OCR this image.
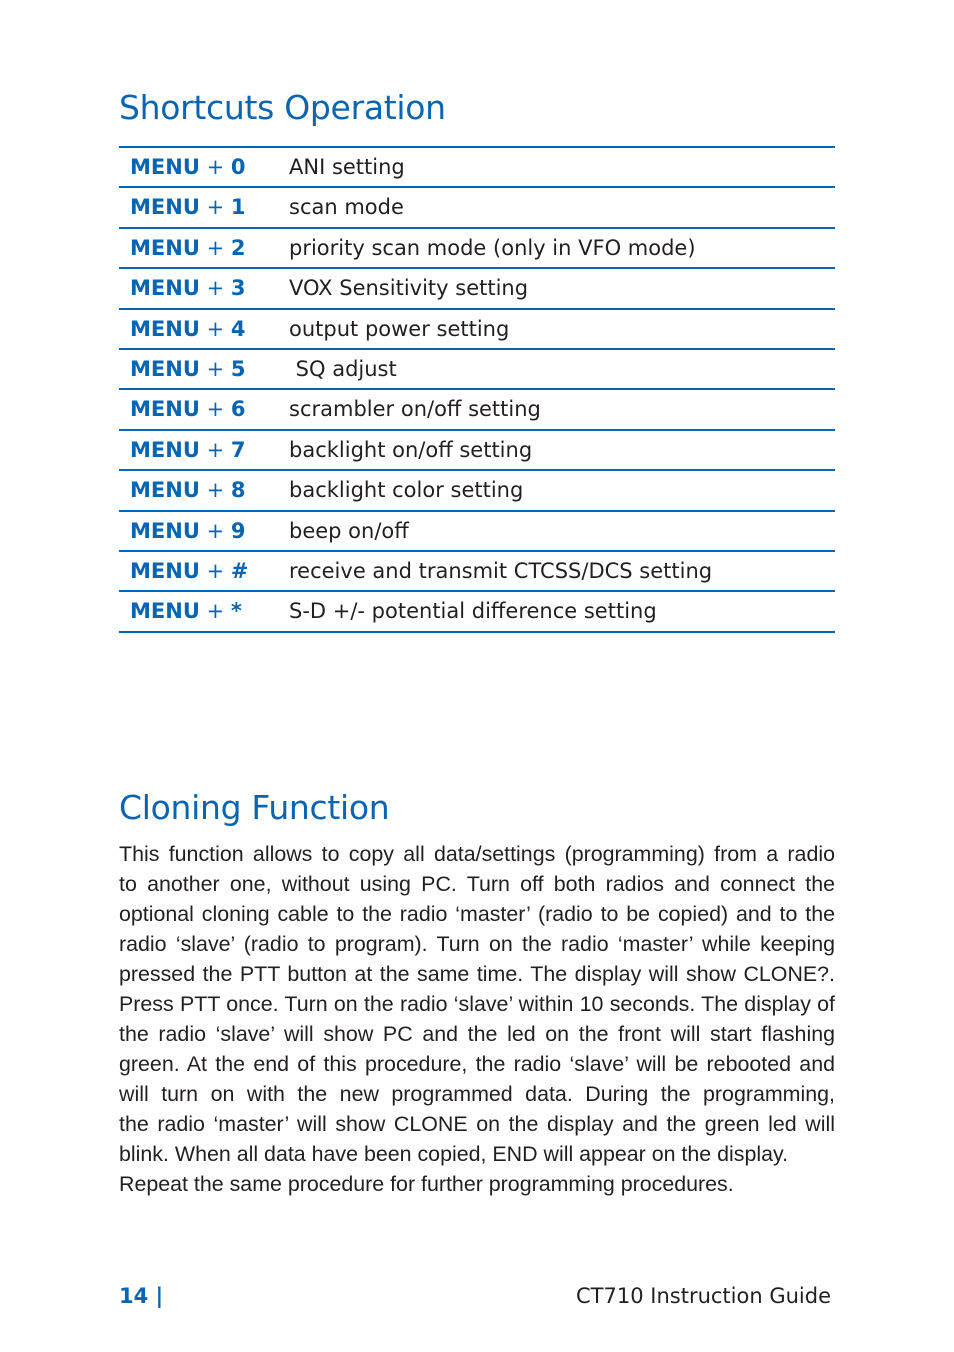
Shortcuts Operation
MENU + 0 ANI setting
MENU + 1 scan mode
MENU + 2 priority scan mode (only in VFO mode)
MENU + 3 VOX Sensitivity setting
MENU + 4 output power setting
MENU + 5 SQ adjust
MENU + 6 scrambler on/off setting
MENU + 7 backlight on/off setting
MENU + 8 backlight color setting
MENU + 9 beep on/off
MENU + # receive and transmit CTCSS/DCS setting
MENU + * S-D +/- potential difference setting
Cloning Function
This function allows to copy all data/settings (programming) from a radio
to another one, without using PC. Turn off both radios and connect the
optional cloning cable to the radio ‘master’ (radio to be copied) and to the
radio ‘slave’ (radio to program). Turn on the radio ‘master’ while keeping
pressed the PTT button at the same time. The display will show CLONE?.
Press PTT once. Turn on the radio ‘slave’ within 10 seconds. The display of
the radio ‘slave’ will show PC and the led on the front will start flashing
green. At the end of this procedure, the radio ‘slave’ will be rebooted and
will turn on with the new programmed data. During the programming,
the radio ‘master’ will show CLONE on the display and the green led will
blink. When all data have been copied, END will appear on the display.
Repeat the same procedure for further programming procedures.
14 |	CT710 Instruction Guide
